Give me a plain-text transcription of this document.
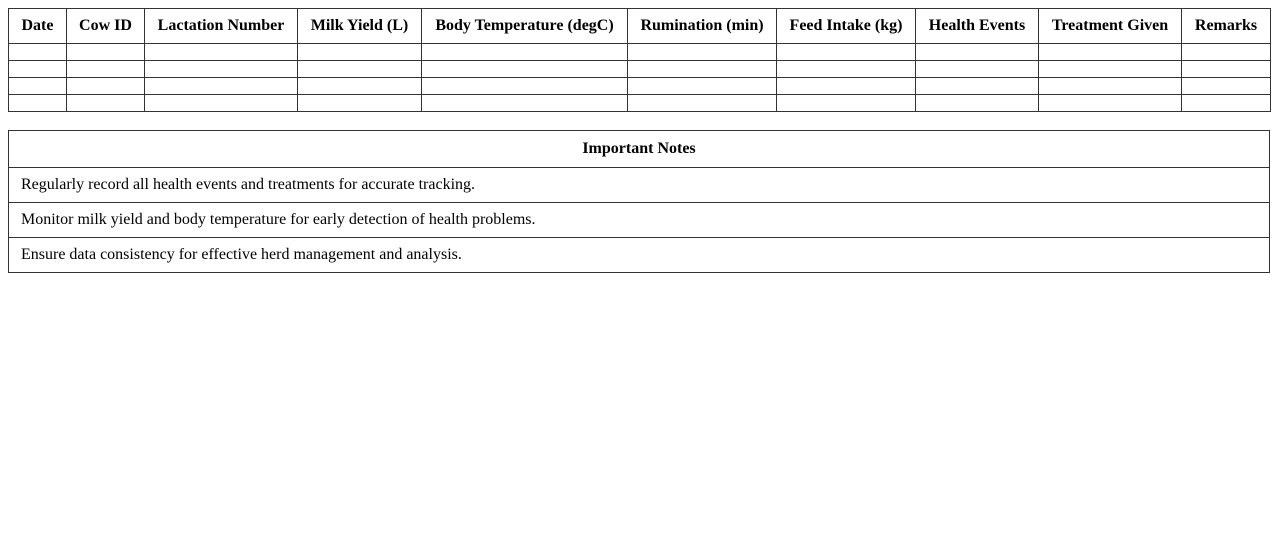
Date	Cow ID	Lactation Number	Milk Yield (L)	Body Temperature (degC)	Rumination (min)	Feed Intake (kg)	Health Events	Treatment Given	Remarks

Important Notes
Regularly record all health events and treatments for accurate tracking.
Monitor milk yield and body temperature for early detection of health problems.
Ensure data consistency for effective herd management and analysis.
